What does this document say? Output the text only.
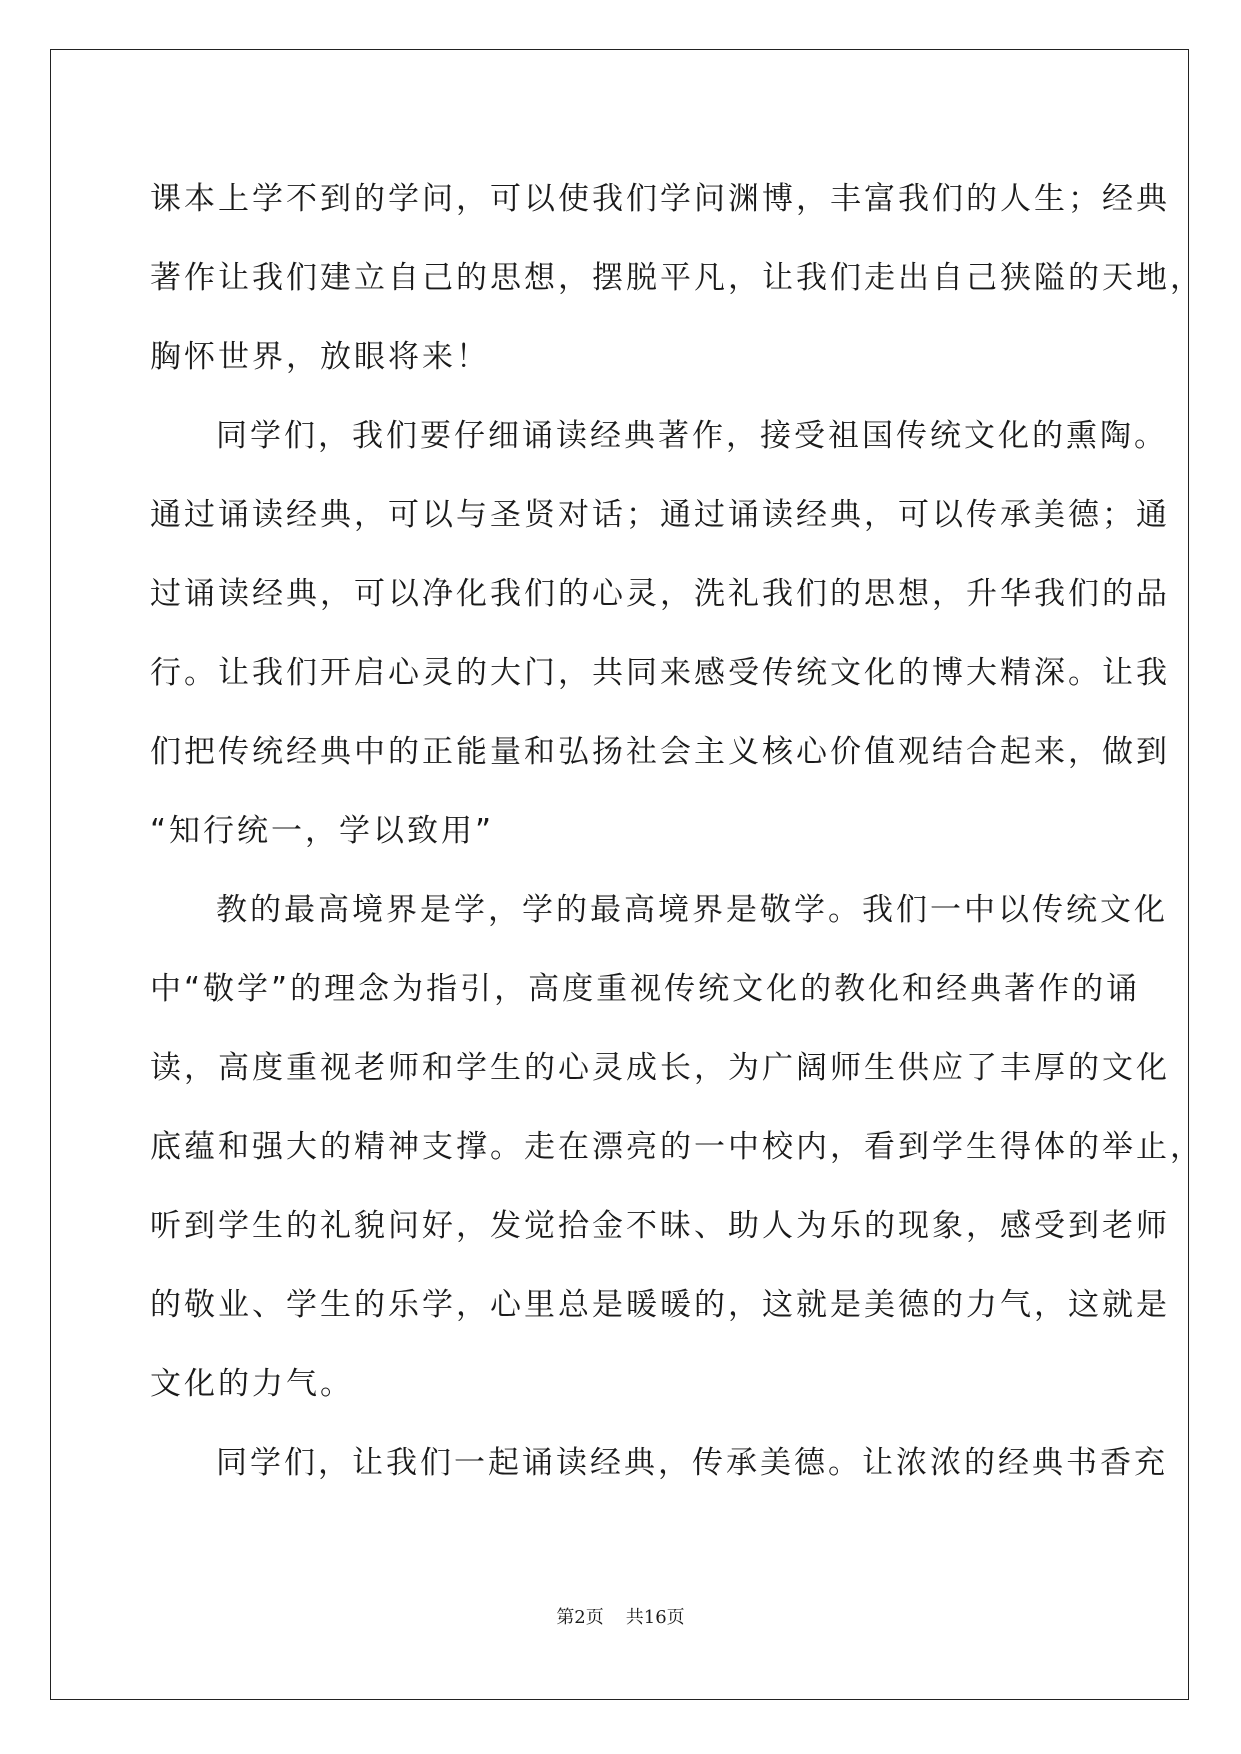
课本上学不到的学问，可以使我们学问渊博，丰富我们的人生；经典
著作让我们建立自己的思想，摆脱平凡，让我们走出自己狭隘的天地，
胸怀世界，放眼将来！
同学们，我们要仔细诵读经典著作，接受祖国传统文化的熏陶。
通过诵读经典，可以与圣贤对话；通过诵读经典，可以传承美德；通
过诵读经典，可以净化我们的心灵，洗礼我们的思想，升华我们的品
行。让我们开启心灵的大门，共同来感受传统文化的博大精深。让我
们把传统经典中的正能量和弘扬社会主义核心价值观结合起来，做到
“知行统一，学以致用”
教的最高境界是学，学的最高境界是敬学。我们一中以传统文化
中“敬学”的理念为指引，高度重视传统文化的教化和经典著作的诵
读，高度重视老师和学生的心灵成长，为广阔师生供应了丰厚的文化
底蕴和强大的精神支撑。走在漂亮的一中校内，看到学生得体的举止，
听到学生的礼貌问好，发觉拾金不昧、助人为乐的现象，感受到老师
的敬业、学生的乐学，心里总是暖暖的，这就是美德的力气，这就是
文化的力气。
同学们，让我们一起诵读经典，传承美德。让浓浓的经典书香充
第2页 共16页
